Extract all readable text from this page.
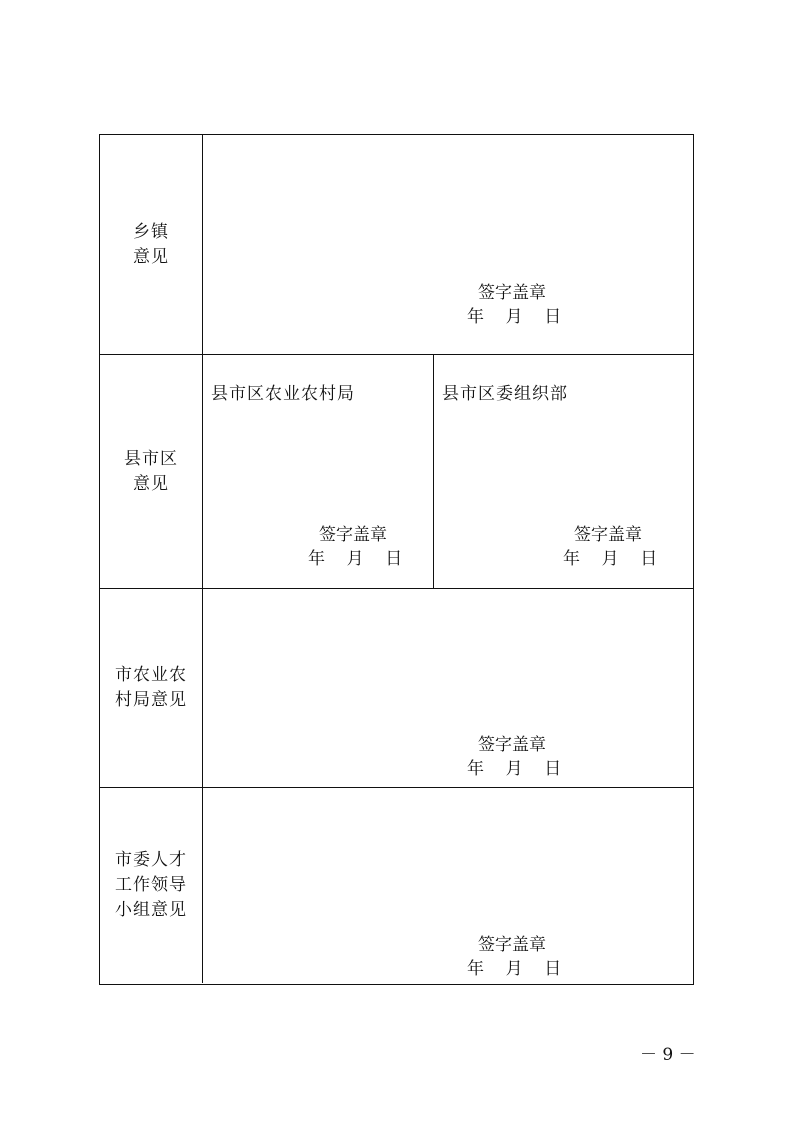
乡镇
意见
签字盖章
年    月    日
县市区
意见
县市区农业农村局
签字盖章
年    月    日
县市区委组织部
签字盖章
年    月    日
市农业农
村局意见
签字盖章
年    月    日
市委人才
工作领导
小组意见
签字盖章
年    月    日
－ 9 －
